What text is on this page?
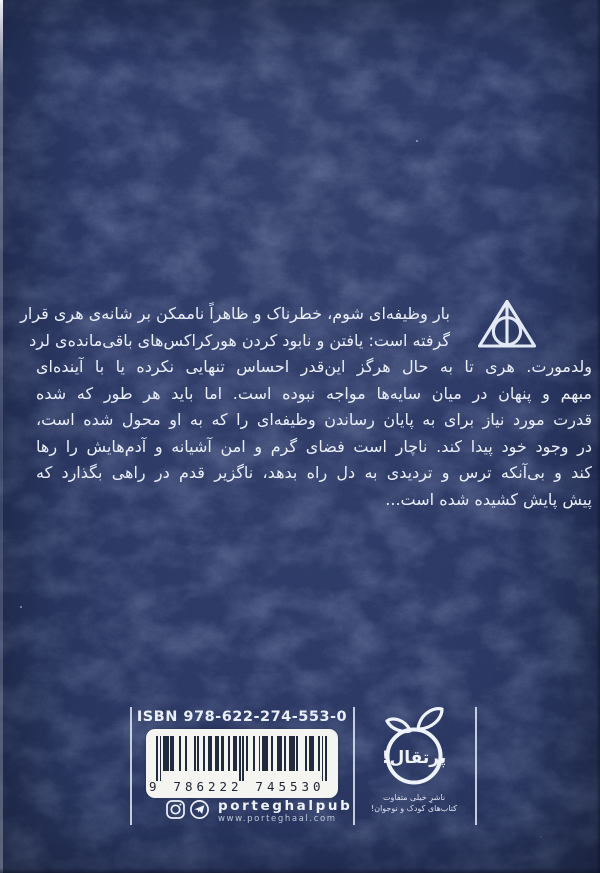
بار وظیفه‌ای شوم، خطرناک و ظاهراً ناممکن بر شانه‌ی هری قرار
گرفته است: یافتن و نابود کردن هورکراکس‌های باقی‌مانده‌ی لرد
ولدمورت. هری تا به حال هرگز این‌قدر احساس تنهایی نکرده یا با آینده‌ای
مبهم و پنهان در میان سایه‌ها مواجه نبوده است. اما باید هر طور که شده
قدرت مورد نیاز برای به پایان رساندن وظیفه‌ای را که به او محول شده است،
در وجود خود پیدا کند. ناچار است فضای گرم و امن آشیانه و آدم‌هایش را رها
کند و بی‌آنکه ترس و تردیدی به دل راه بدهد، ناگزیر قدم در راهی بگذارد که
پیش پایش کشیده شده است...
ISBN 978-622-274-553-0
9	786222	745530
porteghalpub
www.porteghaal.com
پرتقال!
ناشرِ خیلی متفاوت
کتاب‌های کودک و نوجوان!
